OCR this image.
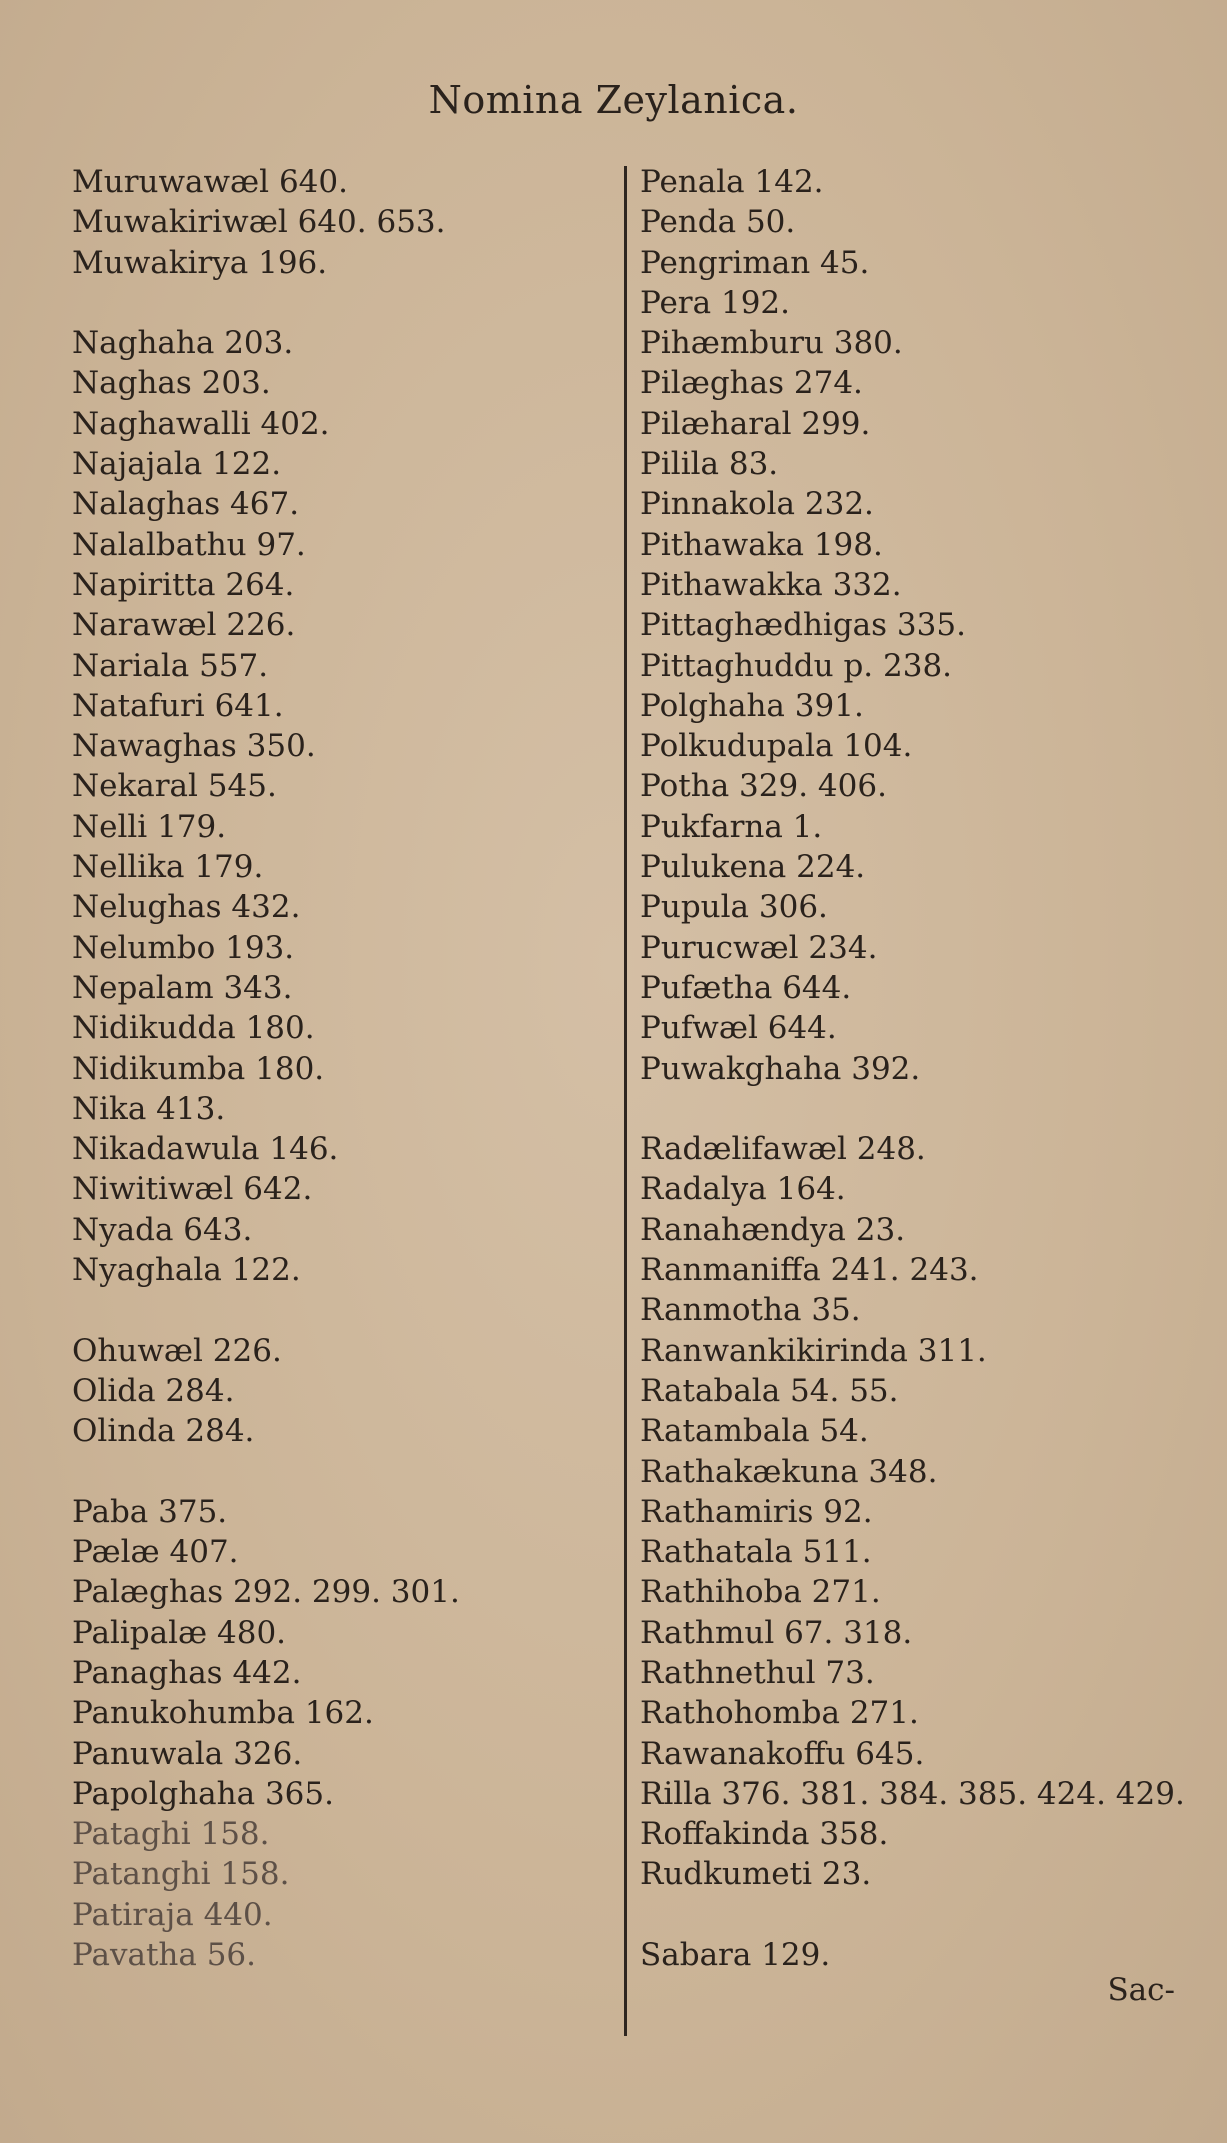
Nomina Zeylanica.
Muruwawæl 640.
Muwakiriwæl 640. 653.
Muwakirya 196.
Naghaha 203.
Naghas 203.
Naghawalli 402.
Najajala 122.
Nalaghas 467.
Nalalbathu 97.
Napiritta 264.
Narawæl 226.
Nariala 557.
Natafuri 641.
Nawaghas 350.
Nekaral 545.
Nelli 179.
Nellika 179.
Nelughas 432.
Nelumbo 193.
Nepalam 343.
Nidikudda 180.
Nidikumba 180.
Nika 413.
Nikadawula 146.
Niwitiwæl 642.
Nyada 643.
Nyaghala 122.
Ohuwæl 226.
Olida 284.
Olinda 284.
Paba 375.
Pælæ 407.
Palæghas 292. 299. 301.
Palipalæ 480.
Panaghas 442.
Panukohumba 162.
Panuwala 326.
Papolghaha 365.
Pataghi 158.
Patanghi 158.
Patiraja 440.
Pavatha 56.
Penala 142.
Penda 50.
Pengriman 45.
Pera 192.
Pihæmburu 380.
Pilæghas 274.
Pilæharal 299.
Pilila 83.
Pinnakola 232.
Pithawaka 198.
Pithawakka 332.
Pittaghædhigas 335.
Pittaghuddu p. 238.
Polghaha 391.
Polkudupala 104.
Potha 329. 406.
Pukfarna 1.
Pulukena 224.
Pupula 306.
Purucwæl 234.
Pufætha 644.
Pufwæl 644.
Puwakghaha 392.
Radælifawæl 248.
Radalya 164.
Ranahændya 23.
Ranmaniffa 241. 243.
Ranmotha 35.
Ranwankikirinda 311.
Ratabala 54. 55.
Ratambala 54.
Rathakækuna 348.
Rathamiris 92.
Rathatala 511.
Rathihoba 271.
Rathmul 67. 318.
Rathnethul 73.
Rathohomba 271.
Rawanakoffu 645.
Rilla 376. 381. 384. 385. 424. 429.
Roffakinda 358.
Rudkumeti 23.
Sabara 129.
Sac-
